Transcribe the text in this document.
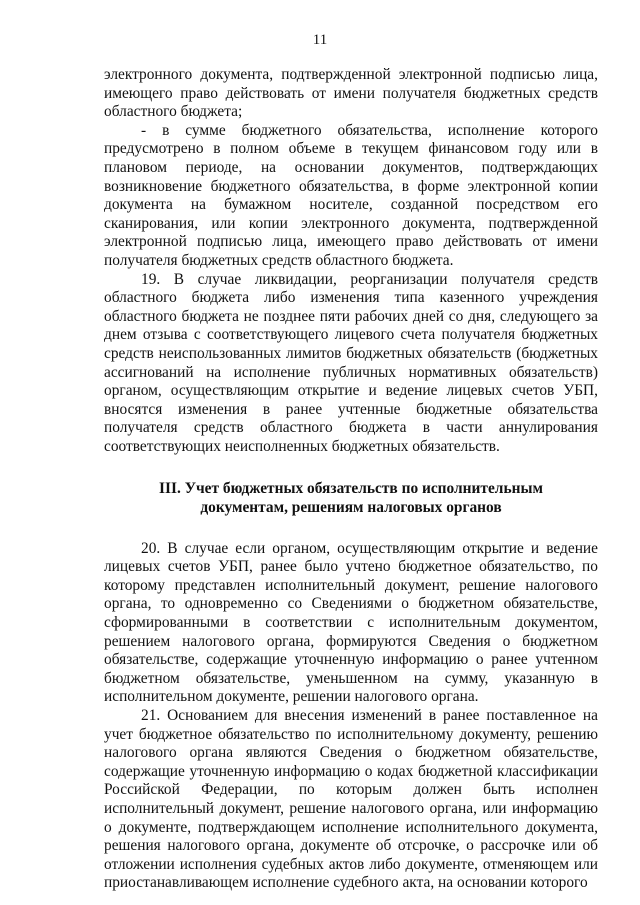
11

электронного документа, подтвержденной электронной подписью лица, имеющего право действовать от имени получателя бюджетных средств областного бюджета;

- в сумме бюджетного обязательства, исполнение которого предусмотрено в полном объеме в текущем финансовом году или в плановом периоде, на основании документов, подтверждающих возникновение бюджетного обязательства, в форме электронной копии документа на бумажном носителе, созданной посредством его сканирования, или копии электронного документа, подтвержденной электронной подписью лица, имеющего право действовать от имени получателя бюджетных средств областного бюджета.

19. В случае ликвидации, реорганизации получателя средств областного бюджета либо изменения типа казенного учреждения областного бюджета не позднее пяти рабочих дней со дня, следующего за днем отзыва с соответствующего лицевого счета получателя бюджетных средств неиспользованных лимитов бюджетных обязательств (бюджетных ассигнований на исполнение публичных нормативных обязательств) органом, осуществляющим открытие и ведение лицевых счетов УБП, вносятся изменения в ранее учтенные бюджетные обязательства получателя средств областного бюджета в части аннулирования соответствующих неисполненных бюджетных обязательств.

III. Учет бюджетных обязательств по исполнительным
документам, решениям налоговых органов

20. В случае если органом, осуществляющим открытие и ведение лицевых счетов УБП, ранее было учтено бюджетное обязательство, по которому представлен исполнительный документ, решение налогового органа, то одновременно со Сведениями о бюджетном обязательстве, сформированными в соответствии с исполнительным документом, решением налогового органа, формируются Сведения о бюджетном обязательстве, содержащие уточненную информацию о ранее учтенном бюджетном обязательстве, уменьшенном на сумму, указанную в исполнительном документе, решении налогового органа.

21. Основанием для внесения изменений в ранее поставленное на учет бюджетное обязательство по исполнительному документу, решению налогового органа являются Сведения о бюджетном обязательстве, содержащие уточненную информацию о кодах бюджетной классификации Российской Федерации, по которым должен быть исполнен исполнительный документ, решение налогового органа, или информацию о документе, подтверждающем исполнение исполнительного документа, решения налогового органа, документе об отсрочке, о рассрочке или об отложении исполнения судебных актов либо документе, отменяющем или приостанавливающем исполнение судебного акта, на основании которого
